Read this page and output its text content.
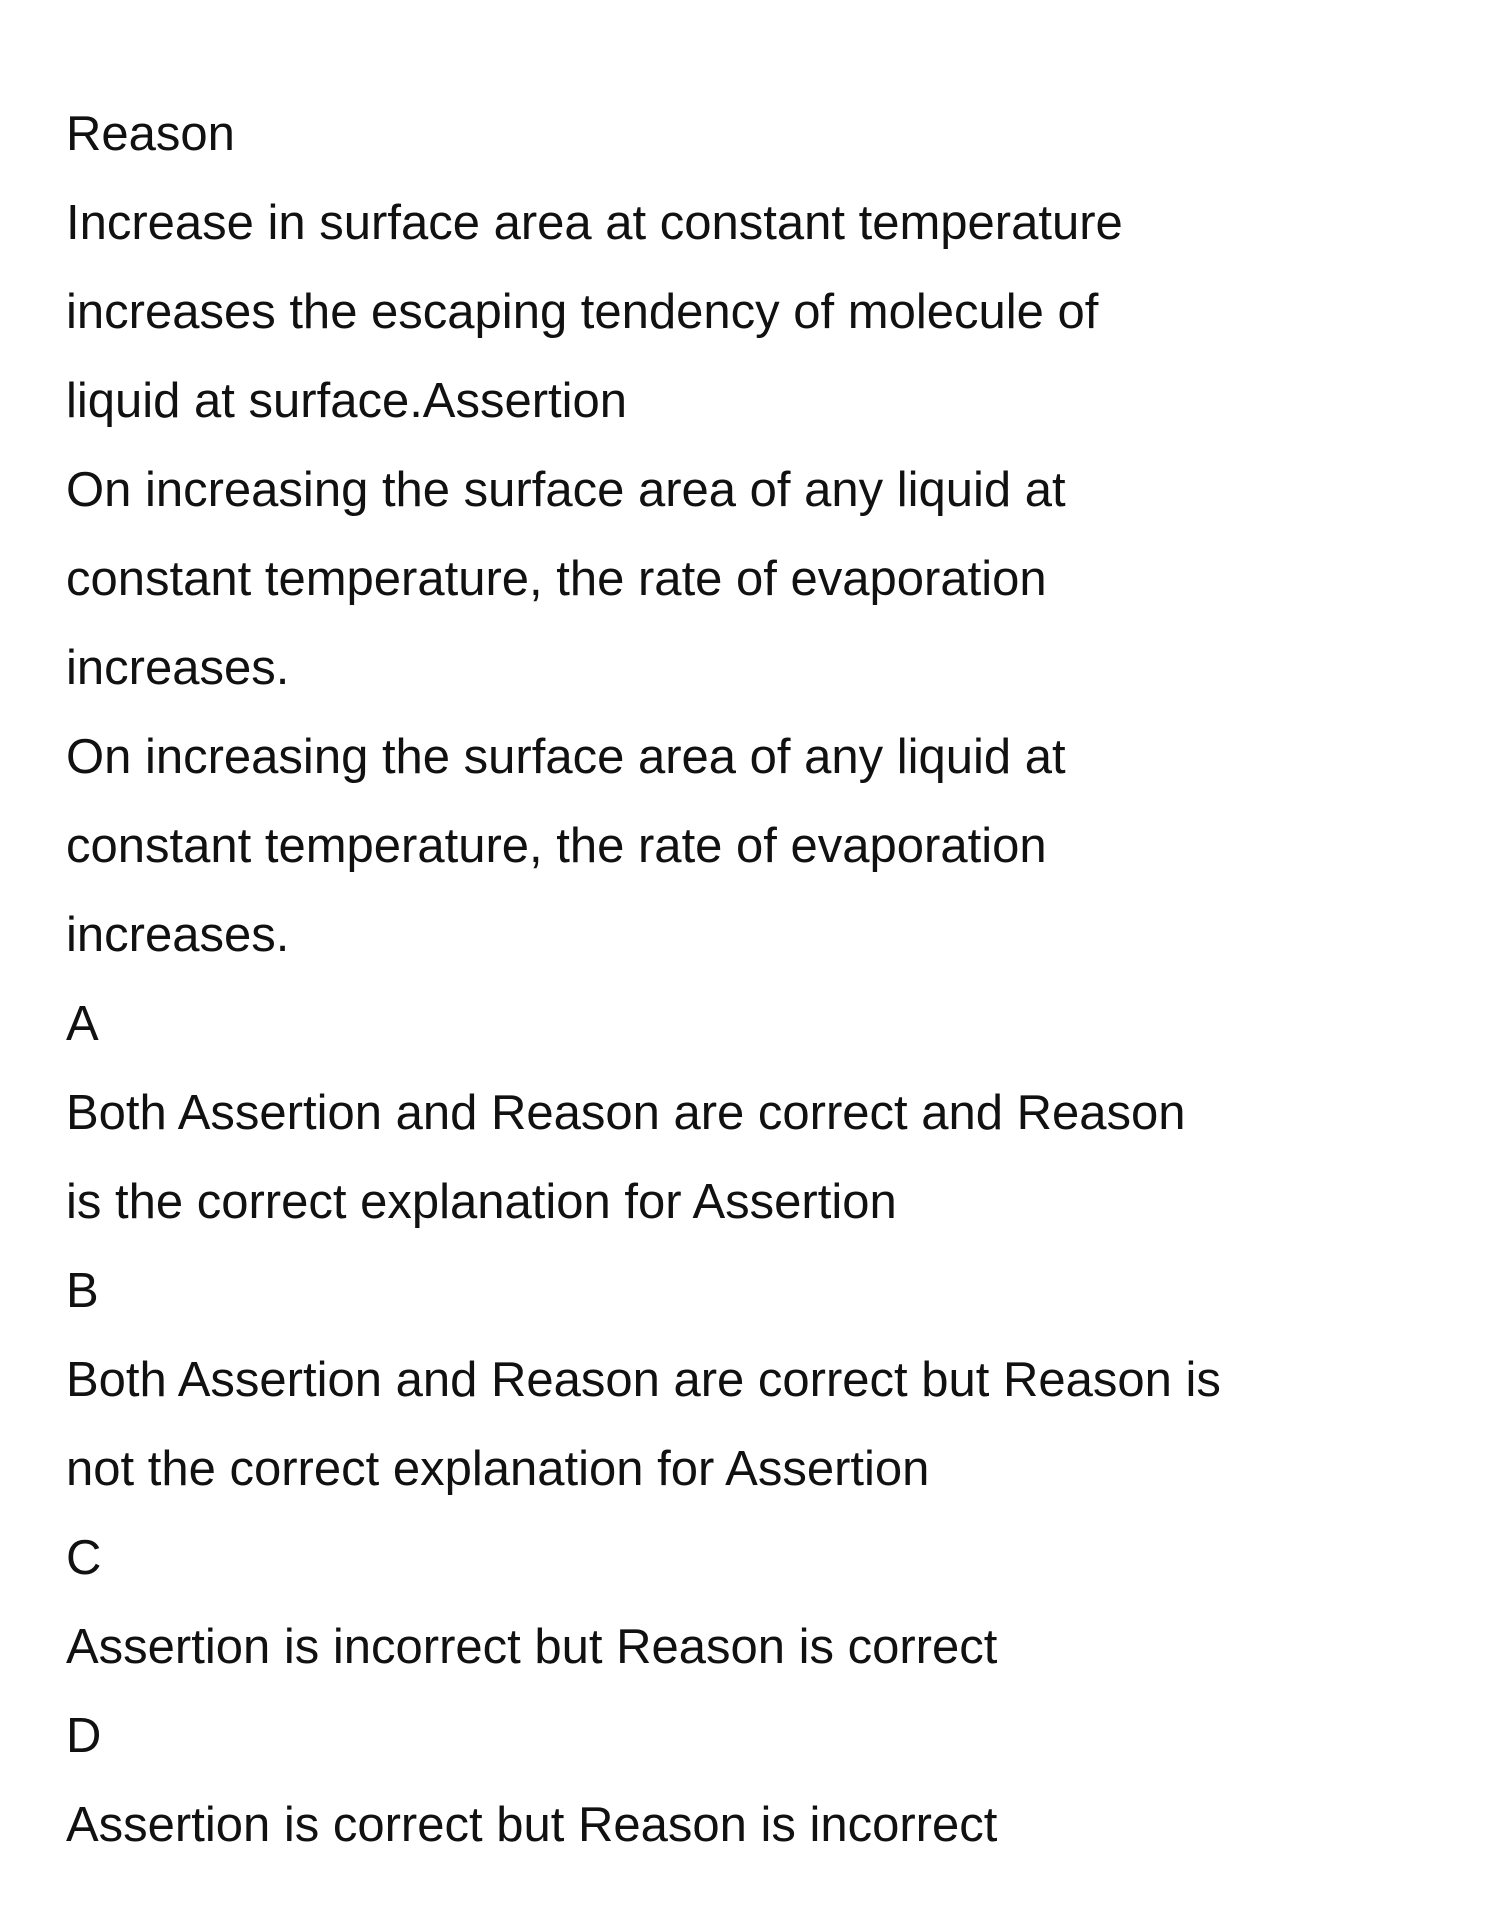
Reason
Increase in surface area at constant temperature
increases the escaping tendency of molecule of
liquid at surface.Assertion
On increasing the surface area of any liquid at
constant temperature, the rate of evaporation
increases.
On increasing the surface area of any liquid at
constant temperature, the rate of evaporation
increases.
A
Both Assertion and Reason are correct and Reason
is the correct explanation for Assertion
B
Both Assertion and Reason are correct but Reason is
not the correct explanation for Assertion
C
Assertion is incorrect but Reason is correct
D
Assertion is correct but Reason is incorrect
